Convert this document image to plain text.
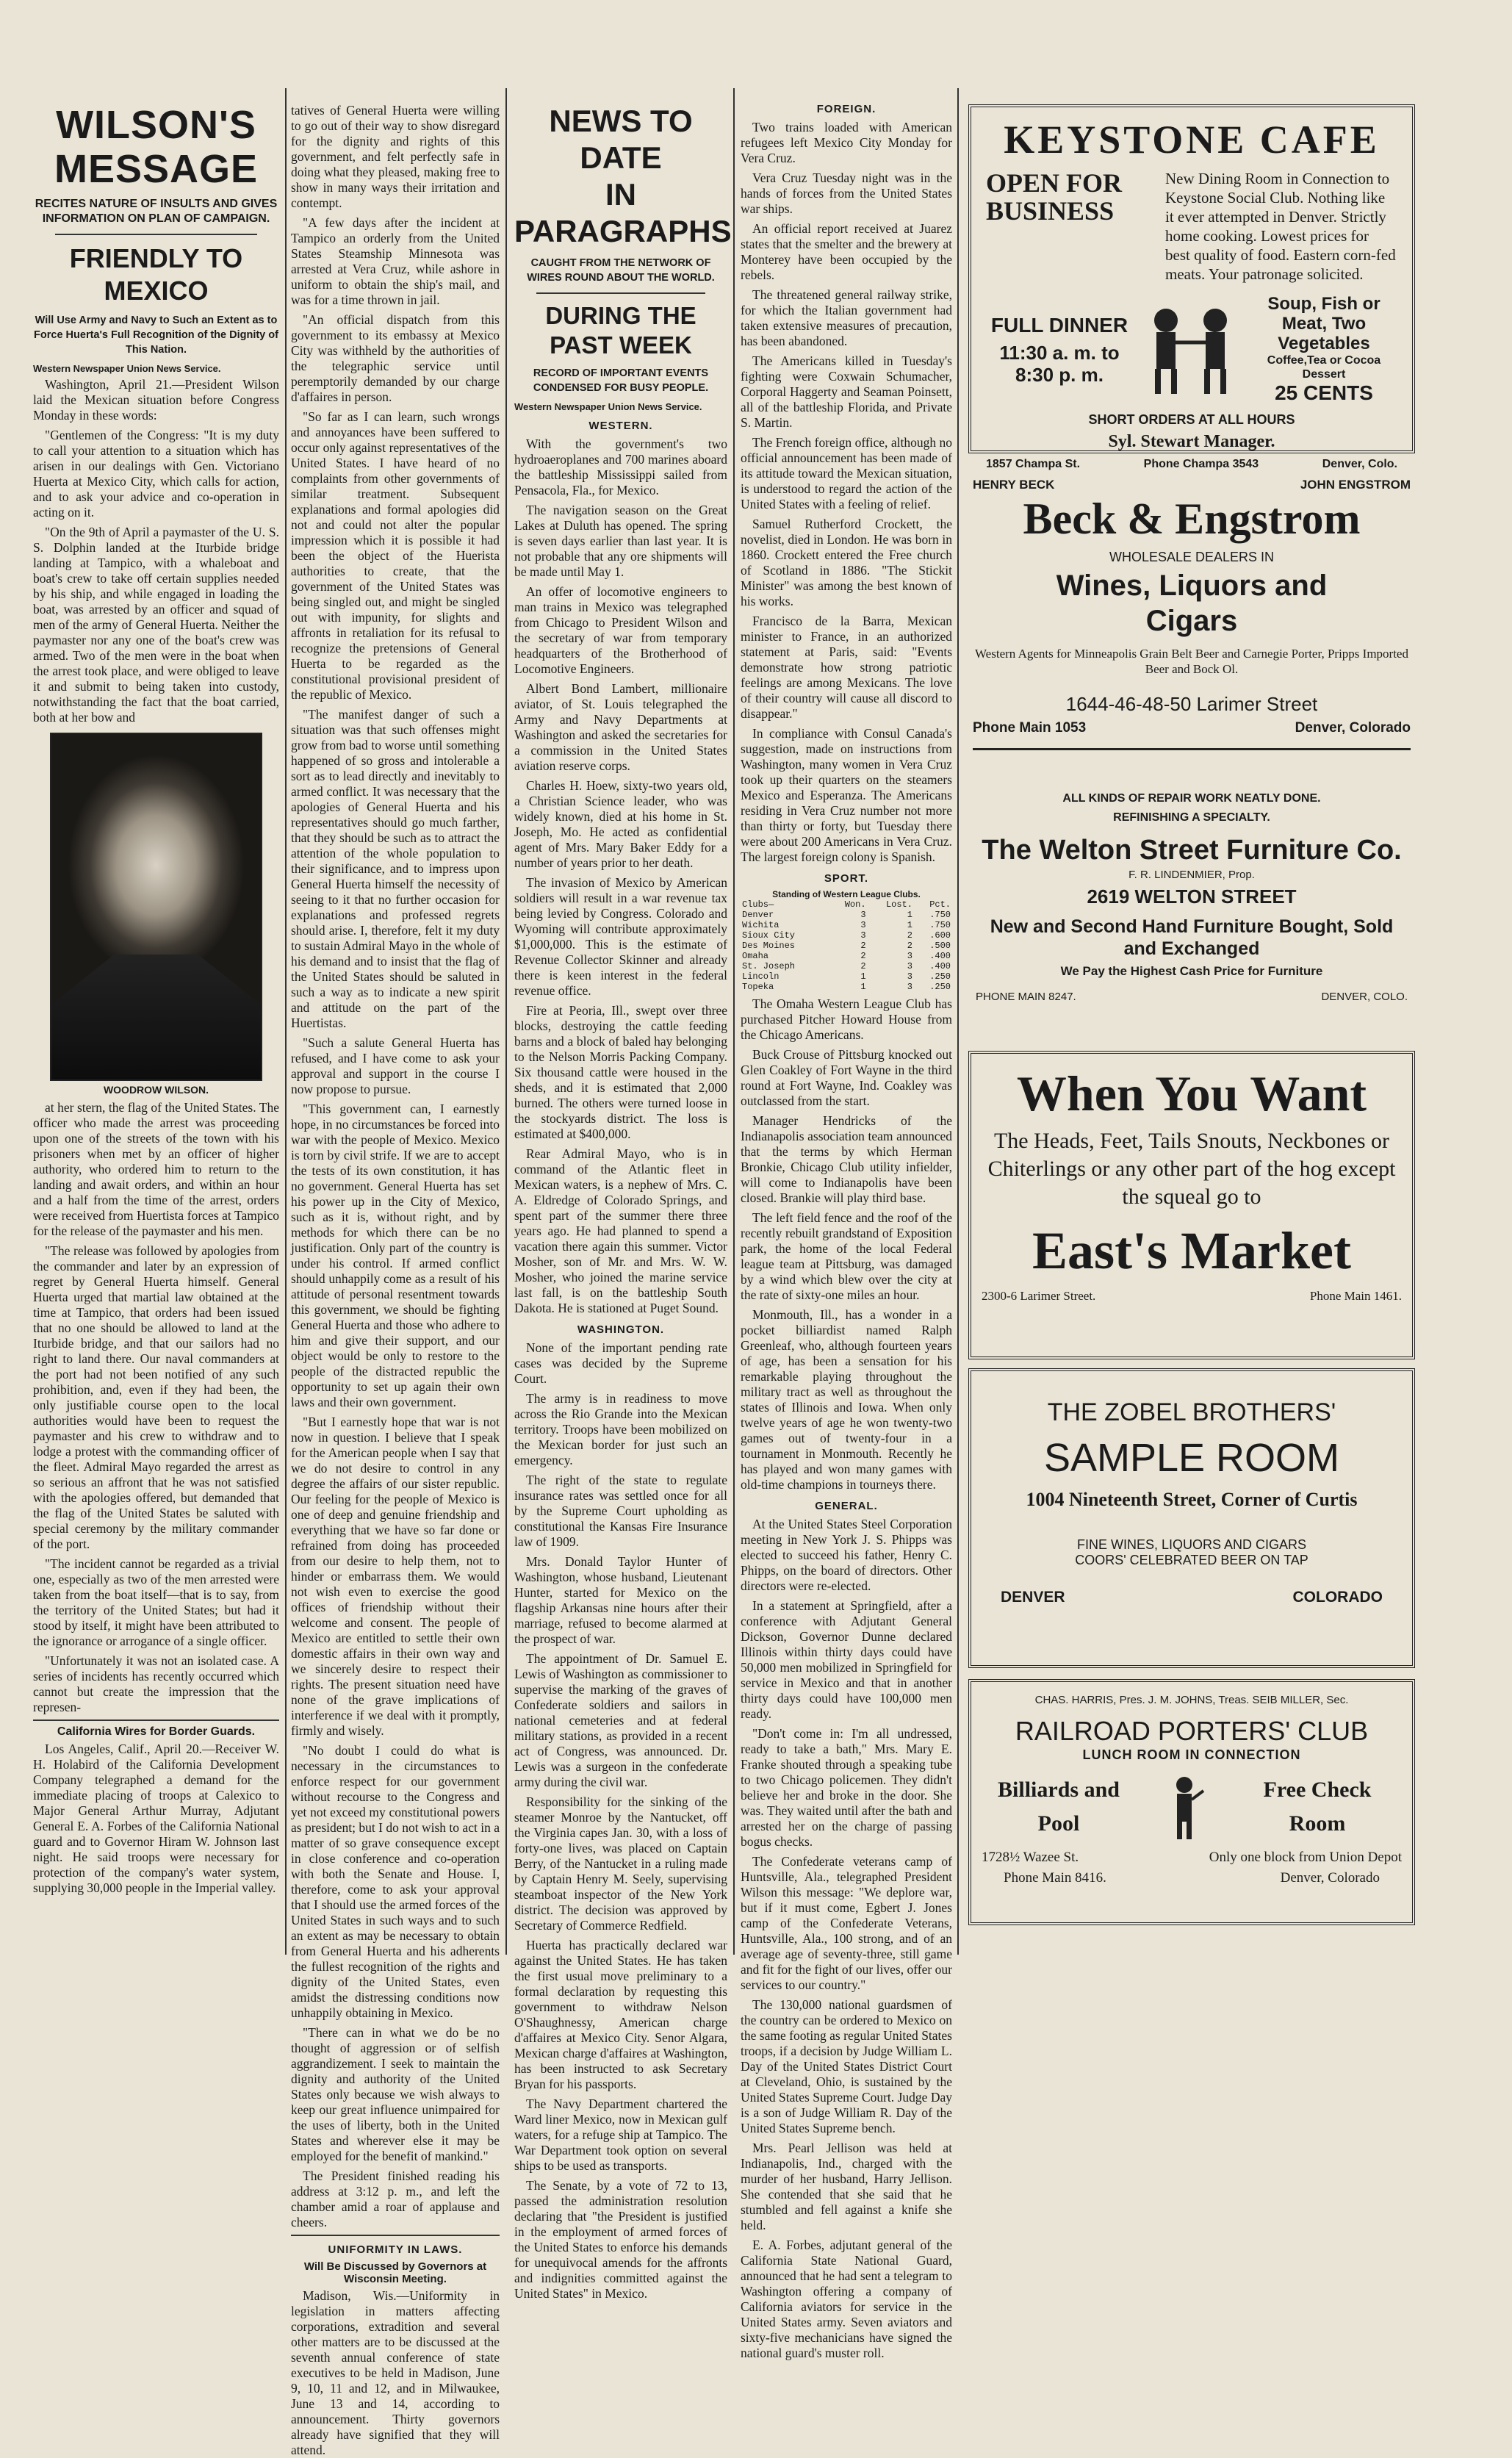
WILSON'S
MESSAGE
RECITES NATURE OF INSULTS AND GIVES INFORMATION ON PLAN OF CAMPAIGN.
FRIENDLY TO MEXICO
Will Use Army and Navy to Such an Extent as to Force Huerta's Full Recognition of the Dignity of This Nation.
Western Newspaper Union News Service.

Washington, April 21.—President Wilson laid the Mexican situation before Congress Monday in these words:

"Gentlemen of the Congress: "It is my duty to call your attention to a situation which has arisen in our dealings with Gen. Victoriano Huerta at Mexico City, which calls for action, and to ask your advice and co-operation in acting on it.

"On the 9th of April a paymaster of the U. S. S. Dolphin landed at the Iturbide bridge landing at Tampico, with a whaleboat and boat's crew to take off certain supplies needed by his ship, and while engaged in loading the boat, was arrested by an officer and squad of men of the army of General Huerta. Neither the paymaster nor any one of the boat's crew was armed. Two of the men were in the boat when the arrest took place, and were obliged to leave it and submit to being taken into custody, notwithstanding the fact that the boat carried, both at her bow and

WOODROW WILSON.

at her stern, the flag of the United States. The officer who made the arrest was proceeding upon one of the streets of the town with his prisoners when met by an officer of higher authority, who ordered him to return to the landing and await orders, and within an hour and a half from the time of the arrest, orders were received from Huertista forces at Tampico for the release of the paymaster and his men.

"The release was followed by apologies from the commander and later by an expression of regret by General Huerta himself. General Huerta urged that martial law obtained at the time at Tampico, that orders had been issued that no one should be allowed to land at the Iturbide bridge, and that our sailors had no right to land there. Our naval commanders at the port had not been notified of any such prohibition, and, even if they had been, the only justifiable course open to the local authorities would have been to request the paymaster and his crew to withdraw and to lodge a protest with the commanding officer of the fleet. Admiral Mayo regarded the arrest as so serious an affront that he was not satisfied with the apologies offered, but demanded that the flag of the United States be saluted with special ceremony by the military commander of the port.

"The incident cannot be regarded as a trivial one, especially as two of the men arrested were taken from the boat itself—that is to say, from the territory of the United States; but had it stood by itself, it might have been attributed to the ignorance or arrogance of a single officer.

"Unfortunately it was not an isolated case. A series of incidents has recently occurred which cannot but create the impression that the represen-

California Wires for Border Guards.

Los Angeles, Calif., April 20.—Receiver W. H. Holabird of the California Development Company telegraphed a demand for the immediate placing of troops at Calexico to Major General Arthur Murray, Adjutant General E. A. Forbes of the California National guard and to Governor Hiram W. Johnson last night. He said troops were necessary for protection of the company's water system, supplying 30,000 people in the Imperial valley.

tatives of General Huerta were willing to go out of their way to show disregard for the dignity and rights of this government, and felt perfectly safe in doing what they pleased, making free to show in many ways their irritation and contempt.

"A few days after the incident at Tampico an orderly from the United States Steamship Minnesota was arrested at Vera Cruz, while ashore in uniform to obtain the ship's mail, and was for a time thrown in jail.

"An official dispatch from this government to its embassy at Mexico City was withheld by the authorities of the telegraphic service until peremptorily demanded by our charge d'affaires in person.

"So far as I can learn, such wrongs and annoyances have been suffered to occur only against representatives of the United States. I have heard of no complaints from other governments of similar treatment. Subsequent explanations and formal apologies did not and could not alter the popular impression which it is possible it had been the object of the Huerista authorities to create, that the government of the United States was being singled out, and might be singled out with impunity, for slights and affronts in retaliation for its refusal to recognize the pretensions of General Huerta to be regarded as the constitutional provisional president of the republic of Mexico.

"The manifest danger of such a situation was that such offenses might grow from bad to worse until something happened of so gross and intolerable a sort as to lead directly and inevitably to armed conflict. It was necessary that the apologies of General Huerta and his representatives should go much farther, that they should be such as to attract the attention of the whole population to their significance, and to impress upon General Huerta himself the necessity of seeing to it that no further occasion for explanations and professed regrets should arise. I, therefore, felt it my duty to sustain Admiral Mayo in the whole of his demand and to insist that the flag of the United States should be saluted in such a way as to indicate a new spirit and attitude on the part of the Huertistas.

"Such a salute General Huerta has refused, and I have come to ask your approval and support in the course I now propose to pursue.

"This government can, I earnestly hope, in no circumstances be forced into war with the people of Mexico. Mexico is torn by civil strife. If we are to accept the tests of its own constitution, it has no government. General Huerta has set his power up in the City of Mexico, such as it is, without right, and by methods for which there can be no justification. Only part of the country is under his control. If armed conflict should unhappily come as a result of his attitude of personal resentment towards this government, we should be fighting General Huerta and those who adhere to him and give their support, and our object would be only to restore to the people of the distracted republic the opportunity to set up again their own laws and their own government.

"But I earnestly hope that war is not now in question. I believe that I speak for the American people when I say that we do not desire to control in any degree the affairs of our sister republic. Our feeling for the people of Mexico is one of deep and genuine friendship and everything that we have so far done or refrained from doing has proceeded from our desire to help them, not to hinder or embarrass them. We would not wish even to exercise the good offices of friendship without their welcome and consent. The people of Mexico are entitled to settle their own domestic affairs in their own way and we sincerely desire to respect their rights. The present situation need have none of the grave implications of interference if we deal with it promptly, firmly and wisely.

"No doubt I could do what is necessary in the circumstances to enforce respect for our government without recourse to the Congress and yet not exceed my constitutional powers as president; but I do not wish to act in a matter of so grave consequence except in close conference and co-operation with both the Senate and House. I, therefore, come to ask your approval that I should use the armed forces of the United States in such ways and to such an extent as may be necessary to obtain from General Huerta and his adherents the fullest recognition of the rights and dignity of the United States, even amidst the distressing conditions now unhappily obtaining in Mexico.

"There can in what we do be no thought of aggression or of selfish aggrandizement. I seek to maintain the dignity and authority of the United States only because we wish always to keep our great influence unimpaired for the uses of liberty, both in the United States and wherever else it may be employed for the benefit of mankind."

The President finished reading his address at 3:12 p. m., and left the chamber amid a roar of applause and cheers.

UNIFORMITY IN LAWS.
Will Be Discussed by Governors at Wisconsin Meeting.

Madison, Wis.—Uniformity in legislation in matters affecting corporations, extradition and several other matters are to be discussed at the seventh annual conference of state executives to be held in Madison, June 9, 10, 11 and 12, and in Milwaukee, June 13 and 14, according to announcement. Thirty governors already have signified that they will attend.

NEWS TO DATE
IN PARAGRAPHS
CAUGHT FROM THE NETWORK OF WIRES ROUND ABOUT THE WORLD.
DURING THE PAST WEEK
RECORD OF IMPORTANT EVENTS CONDENSED FOR BUSY PEOPLE.
Western Newspaper Union News Service.
WESTERN.

With the government's two hydroaeroplanes and 700 marines aboard the battleship Mississippi sailed from Pensacola, Fla., for Mexico.

The navigation season on the Great Lakes at Duluth has opened. The spring is seven days earlier than last year. It is not probable that any ore shipments will be made until May 1.

An offer of locomotive engineers to man trains in Mexico was telegraphed from Chicago to President Wilson and the secretary of war from temporary headquarters of the Brotherhood of Locomotive Engineers.

Albert Bond Lambert, millionaire aviator, of St. Louis telegraphed the Army and Navy Departments at Washington and asked the secretaries for a commission in the United States aviation reserve corps.

Charles H. Hoew, sixty-two years old, a Christian Science leader, who was widely known, died at his home in St. Joseph, Mo. He acted as confidential agent of Mrs. Mary Baker Eddy for a number of years prior to her death.

The invasion of Mexico by American soldiers will result in a war revenue tax being levied by Congress. Colorado and Wyoming will contribute approximately $1,000,000. This is the estimate of Revenue Collector Skinner and already there is keen interest in the federal revenue office.

Fire at Peoria, Ill., swept over three blocks, destroying the cattle feeding barns and a block of baled hay belonging to the Nelson Morris Packing Company. Six thousand cattle were housed in the sheds, and it is estimated that 2,000 burned. The others were turned loose in the stockyards district. The loss is estimated at $400,000.

Rear Admiral Mayo, who is in command of the Atlantic fleet in Mexican waters, is a nephew of Mrs. C. A. Eldredge of Colorado Springs, and spent part of the summer there three years ago. He had planned to spend a vacation there again this summer. Victor Mosher, son of Mr. and Mrs. W. W. Mosher, who joined the marine service last fall, is on the battleship South Dakota. He is stationed at Puget Sound.

WASHINGTON.

None of the important pending rate cases was decided by the Supreme Court.

The army is in readiness to move across the Rio Grande into the Mexican territory. Troops have been mobilized on the Mexican border for just such an emergency.

The right of the state to regulate insurance rates was settled once for all by the Supreme Court upholding as constitutional the Kansas Fire Insurance law of 1909.

Mrs. Donald Taylor Hunter of Washington, whose husband, Lieutenant Hunter, started for Mexico on the flagship Arkansas nine hours after their marriage, refused to become alarmed at the prospect of war.

The appointment of Dr. Samuel E. Lewis of Washington as commissioner to supervise the marking of the graves of Confederate soldiers and sailors in national cemeteries and at federal military stations, as provided in a recent act of Congress, was announced. Dr. Lewis was a surgeon in the confederate army during the civil war.

Responsibility for the sinking of the steamer Monroe by the Nantucket, off the Virginia capes Jan. 30, with a loss of forty-one lives, was placed on Captain Berry, of the Nantucket in a ruling made by Captain Henry M. Seely, supervising steamboat inspector of the New York district. The decision was approved by Secretary of Commerce Redfield.

Huerta has practically declared war against the United States. He has taken the first usual move preliminary to a formal declaration by requesting this government to withdraw Nelson O'Shaughnessy, American charge d'affaires at Mexico City. Senor Algara, Mexican charge d'affaires at Washington, has been instructed to ask Secretary Bryan for his passports.

The Navy Department chartered the Ward liner Mexico, now in Mexican gulf waters, for a refuge ship at Tampico. The War Department took option on several ships to be used as transports.

The Senate, by a vote of 72 to 13, passed the administration resolution declaring that "the President is justified in the employment of armed forces of the United States to enforce his demands for unequivocal amends for the affronts and indignities committed against the United States" in Mexico.

FOREIGN.

Two trains loaded with American refugees left Mexico City Monday for Vera Cruz.

Vera Cruz Tuesday night was in the hands of forces from the United States war ships.

An official report received at Juarez states that the smelter and the brewery at Monterey have been occupied by the rebels.

The threatened general railway strike, for which the Italian government had taken extensive measures of precaution, has been abandoned.

The Americans killed in Tuesday's fighting were Coxwain Schumacher, Corporal Haggerty and Seaman Poinsett, all of the battleship Florida, and Private S. Martin.

The French foreign office, although no official announcement has been made of its attitude toward the Mexican situation, is understood to regard the action of the United States with a feeling of relief.

Samuel Rutherford Crockett, the novelist, died in London. He was born in 1860. Crockett entered the Free church of Scotland in 1886. "The Stickit Minister" was among the best known of his works.

Francisco de la Barra, Mexican minister to France, in an authorized statement at Paris, said: "Events demonstrate how strong patriotic feelings are among Mexicans. The love of their country will cause all discord to disappear."

In compliance with Consul Canada's suggestion, made on instructions from Washington, many women in Vera Cruz took up their quarters on the steamers Mexico and Esperanza. The Americans residing in Vera Cruz number not more than thirty or forty, but Tuesday there were about 200 Americans in Vera Cruz. The largest foreign colony is Spanish.

SPORT.
Standing of Western League Clubs.
Clubs—	Won.	Lost.	Pct.
Denver	3	1	.750
Wichita	3	1	.750
Sioux City	3	2	.600
Des Moines	2	2	.500
Omaha	2	3	.400
St. Joseph	2	3	.400
Lincoln	1	3	.250
Topeka	1	3	.250

The Omaha Western League Club has purchased Pitcher Howard House from the Chicago Americans.

Buck Crouse of Pittsburg knocked out Glen Coakley of Fort Wayne in the third round at Fort Wayne, Ind. Coakley was outclassed from the start.

Manager Hendricks of the Indianapolis association team announced that the terms by which Herman Bronkie, Chicago Club utility infielder, will come to Indianapolis have been closed. Brankie will play third base.

The left field fence and the roof of the recently rebuilt grandstand of Exposition park, the home of the local Federal league team at Pittsburg, was damaged by a wind which blew over the city at the rate of sixty-one miles an hour.

Monmouth, Ill., has a wonder in a pocket billiardist named Ralph Greenleaf, who, although fourteen years of age, has been a sensation for his remarkable playing throughout the military tract as well as throughout the states of Illinois and Iowa. When only twelve years of age he won twenty-two games out of twenty-four in a tournament in Monmouth. Recently he has played and won many games with old-time champions in tourneys there.

GENERAL.

At the United States Steel Corporation meeting in New York J. S. Phipps was elected to succeed his father, Henry C. Phipps, on the board of directors. Other directors were re-elected.

In a statement at Springfield, after a conference with Adjutant General Dickson, Governor Dunne declared Illinois within thirty days could have 50,000 men mobilized in Springfield for service in Mexico and that in another thirty days could have 100,000 men ready.

"Don't come in: I'm all undressed, ready to take a bath," Mrs. Mary E. Franke shouted through a speaking tube to two Chicago policemen. They didn't believe her and broke in the door. She was. They waited until after the bath and arrested her on the charge of passing bogus checks.

The Confederate veterans camp of Huntsville, Ala., telegraphed President Wilson this message: "We deplore war, but if it must come, Egbert J. Jones camp of the Confederate Veterans, Huntsville, Ala., 100 strong, and of an average age of seventy-three, still game and fit for the fight of our lives, offer our services to our country."

The 130,000 national guardsmen of the country can be ordered to Mexico on the same footing as regular United States troops, if a decision by Judge William L. Day of the United States District Court at Cleveland, Ohio, is sustained by the United States Supreme Court. Judge Day is a son of Judge William R. Day of the United States Supreme bench.

Mrs. Pearl Jellison was held at Indianapolis, Ind., charged with the murder of her husband, Harry Jellison. She contended that she said that he stumbled and fell against a knife she held.

E. A. Forbes, adjutant general of the California State National Guard, announced that he had sent a telegram to Washington offering a company of California aviators for service in the United States army. Seven aviators and sixty-five mechanicians have signed the national guard's muster roll.

KEYSTONE CAFE
OPEN FOR BUSINESS
New Dining Room in Connection to Keystone Social Club. Nothing like it ever attempted in Denver. Strictly home cooking. Lowest prices for best quality of food. Eastern corn-fed meats. Your patronage solicited.
FULL DINNER
11:30 a. m. to 8:30 p. m.
Soup, Fish or Meat, Two Vegetables
Coffee,Tea or Cocoa Dessert
25 CENTS
SHORT ORDERS AT ALL HOURS
Syl. Stewart Manager.
1857 Champa St.	Phone Champa 3543	Denver, Colo.
HENRY BECK	JOHN ENGSTROM
Beck & Engstrom
WHOLESALE DEALERS IN
Wines, Liquors and Cigars
Western Agents for Minneapolis Grain Belt Beer and Carnegie Porter, Pripps Imported Beer and Bock Ol.
1644-46-48-50 Larimer Street
Phone Main 1053	Denver, Colorado
ALL KINDS OF REPAIR WORK NEATLY DONE.
REFINISHING A SPECIALTY.
The Welton Street Furniture Co.
F. R. LINDENMIER, Prop.
2619 WELTON STREET
New and Second Hand Furniture Bought, Sold and Exchanged
We Pay the Highest Cash Price for Furniture
PHONE MAIN 8247.	DENVER, COLO.
When You Want
The Heads, Feet, Tails Snouts, Neckbones or Chiterlings or any other part of the hog except the squeal go to
East's Market
2300-6 Larimer Street.	Phone Main 1461.
THE ZOBEL BROTHERS'
SAMPLE ROOM
1004 Nineteenth Street, Corner of Curtis
FINE WINES, LIQUORS AND CIGARS
COORS' CELEBRATED BEER ON TAP
DENVER	COLORADO
CHAS. HARRIS, Pres. J. M. JOHNS, Treas. SEIB MILLER, Sec.
RAILROAD PORTERS' CLUB
LUNCH ROOM IN CONNECTION
Billiards and
Pool
Free Check
Room
1728½ Wazee St.	Only one block from Union Depot
Phone Main 8416.	Denver, Colorado
